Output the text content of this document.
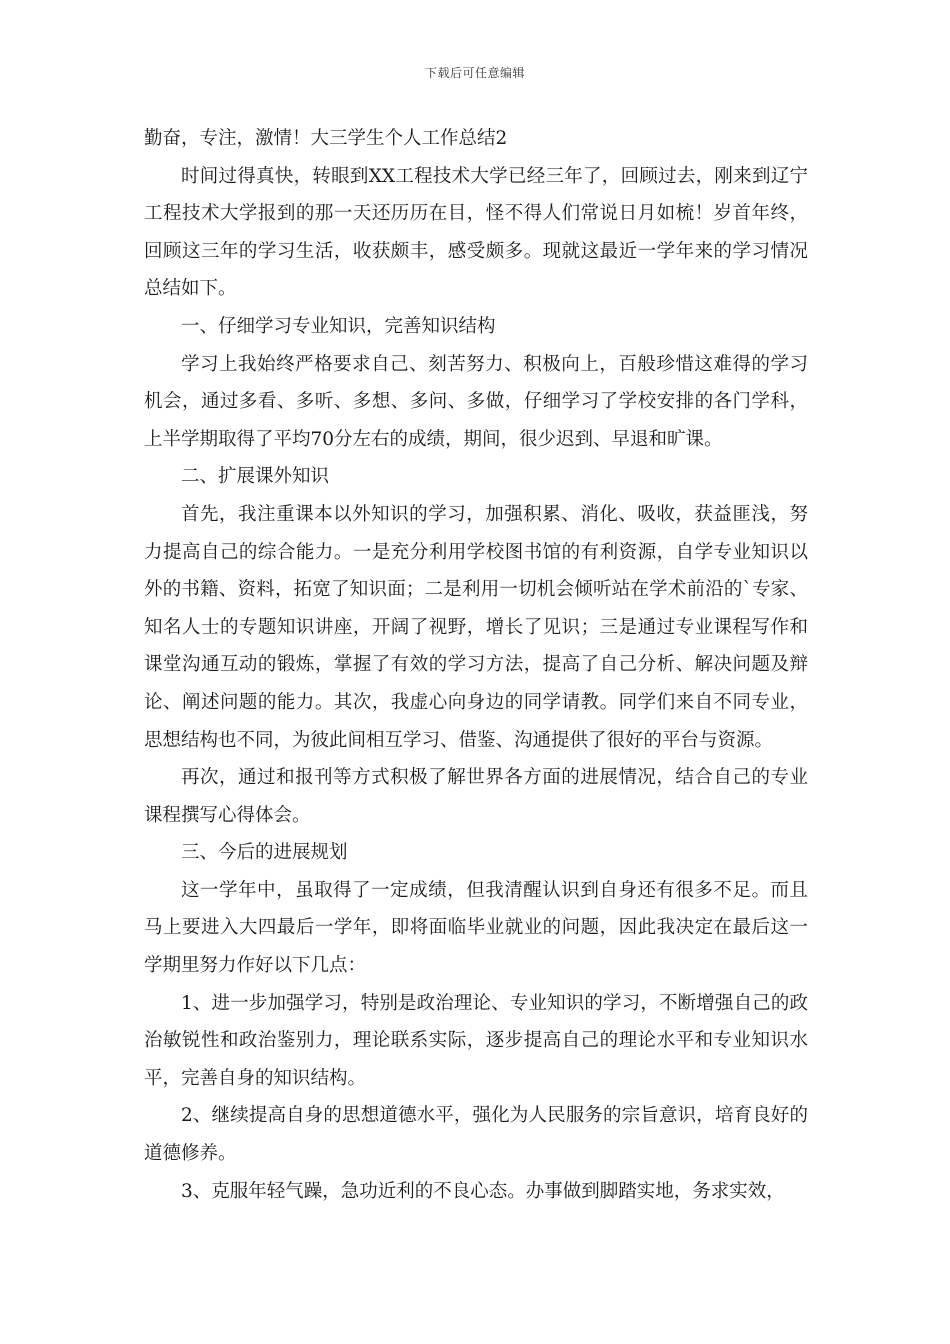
下载后可任意编辑

勤奋，专注，激情！大三学生个人工作总结2

时间过得真快，转眼到XX工程技术大学已经三年了，回顾过去，刚来到辽宁工程技术大学报到的那一天还历历在目，怪不得人们常说日月如梳！岁首年终，回顾这三年的学习生活，收获颇丰，感受颇多。现就这最近一学年来的学习情况总结如下。

一、仔细学习专业知识，完善知识结构

学习上我始终严格要求自己、刻苦努力、积极向上，百般珍惜这难得的学习机会，通过多看、多听、多想、多问、多做，仔细学习了学校安排的各门学科，上半学期取得了平均70分左右的成绩，期间，很少迟到、早退和旷课。

二、扩展课外知识

首先，我注重课本以外知识的学习，加强积累、消化、吸收，获益匪浅，努力提高自己的综合能力。一是充分利用学校图书馆的有利资源，自学专业知识以外的书籍、资料，拓宽了知识面；二是利用一切机会倾听站在学术前沿的`专家、知名人士的专题知识讲座，开阔了视野，增长了见识；三是通过专业课程写作和课堂沟通互动的锻炼，掌握了有效的学习方法，提高了自己分析、解决问题及辩论、阐述问题的能力。其次，我虚心向身边的同学请教。同学们来自不同专业，思想结构也不同，为彼此间相互学习、借鉴、沟通提供了很好的平台与资源。

再次，通过和报刊等方式积极了解世界各方面的进展情况，结合自己的专业课程撰写心得体会。

三、今后的进展规划

这一学年中，虽取得了一定成绩，但我清醒认识到自身还有很多不足。而且马上要进入大四最后一学年，即将面临毕业就业的问题，因此我决定在最后这一学期里努力作好以下几点：

1、进一步加强学习，特别是政治理论、专业知识的学习，不断增强自己的政治敏锐性和政治鉴别力，理论联系实际，逐步提高自己的理论水平和专业知识水平，完善自身的知识结构。

2、继续提高自身的思想道德水平，强化为人民服务的宗旨意识，培育良好的道德修养。

3、克服年轻气躁，急功近利的不良心态。办事做到脚踏实地，务求实效，
